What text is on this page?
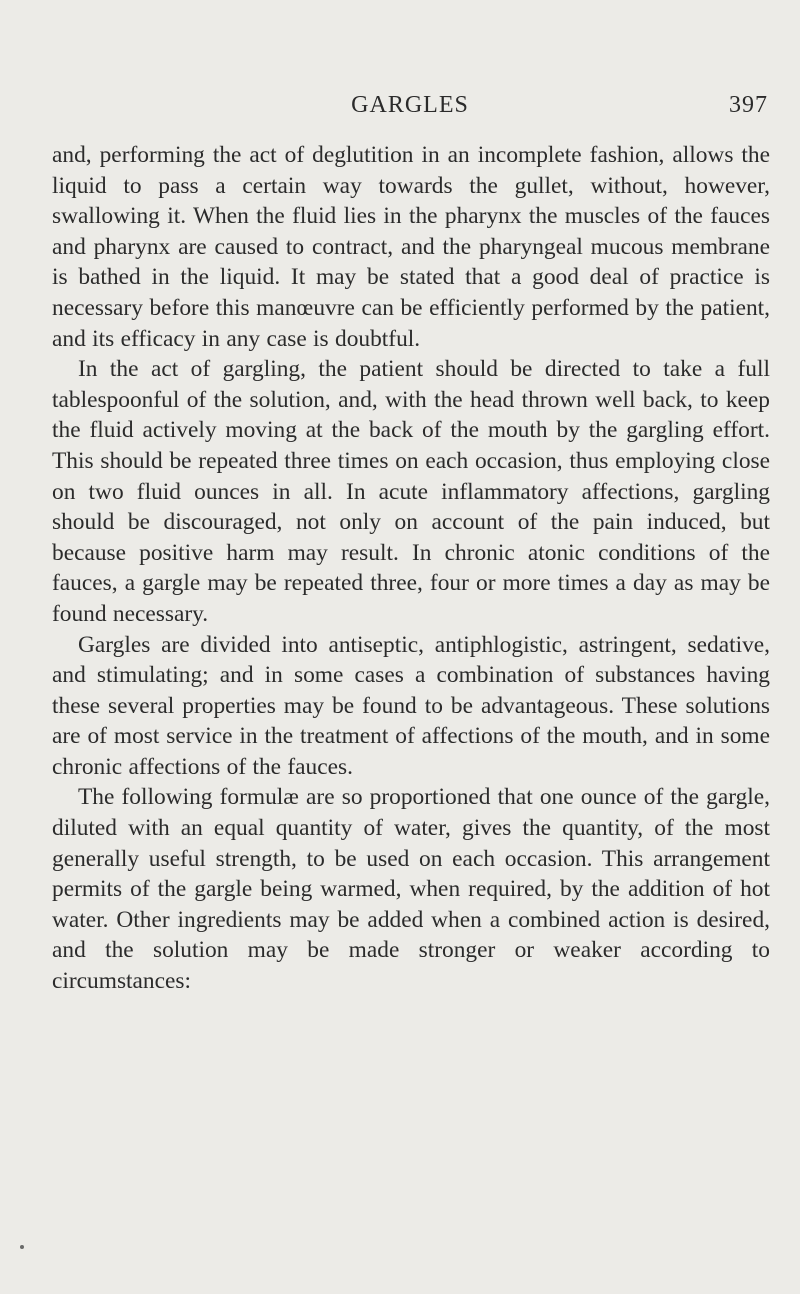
GARGLES	397

and, performing the act of deglutition in an incomplete fashion, allows the liquid to pass a certain way towards the gullet, without, however, swallowing it. When the fluid lies in the pharynx the muscles of the fauces and pharynx are caused to contract, and the pharyngeal mucous membrane is bathed in the liquid. It may be stated that a good deal of practice is necessary before this manœuvre can be efficiently performed by the patient, and its efficacy in any case is doubtful.

In the act of gargling, the patient should be directed to take a full tablespoonful of the solution, and, with the head thrown well back, to keep the fluid actively moving at the back of the mouth by the gargling effort. This should be repeated three times on each occasion, thus employing close on two fluid ounces in all. In acute inflammatory affections, gargling should be discouraged, not only on account of the pain induced, but because positive harm may result. In chronic atonic conditions of the fauces, a gargle may be repeated three, four or more times a day as may be found necessary.

Gargles are divided into antiseptic, antiphlogistic, astringent, sedative, and stimulating; and in some cases a combination of substances having these several properties may be found to be advantageous. These solutions are of most service in the treatment of affections of the mouth, and in some chronic affections of the fauces.

The following formulæ are so proportioned that one ounce of the gargle, diluted with an equal quantity of water, gives the quantity, of the most generally useful strength, to be used on each occasion. This arrangement permits of the gargle being warmed, when required, by the addition of hot water. Other ingredients may be added when a combined action is desired, and the solution may be made stronger or weaker according to circumstances:
